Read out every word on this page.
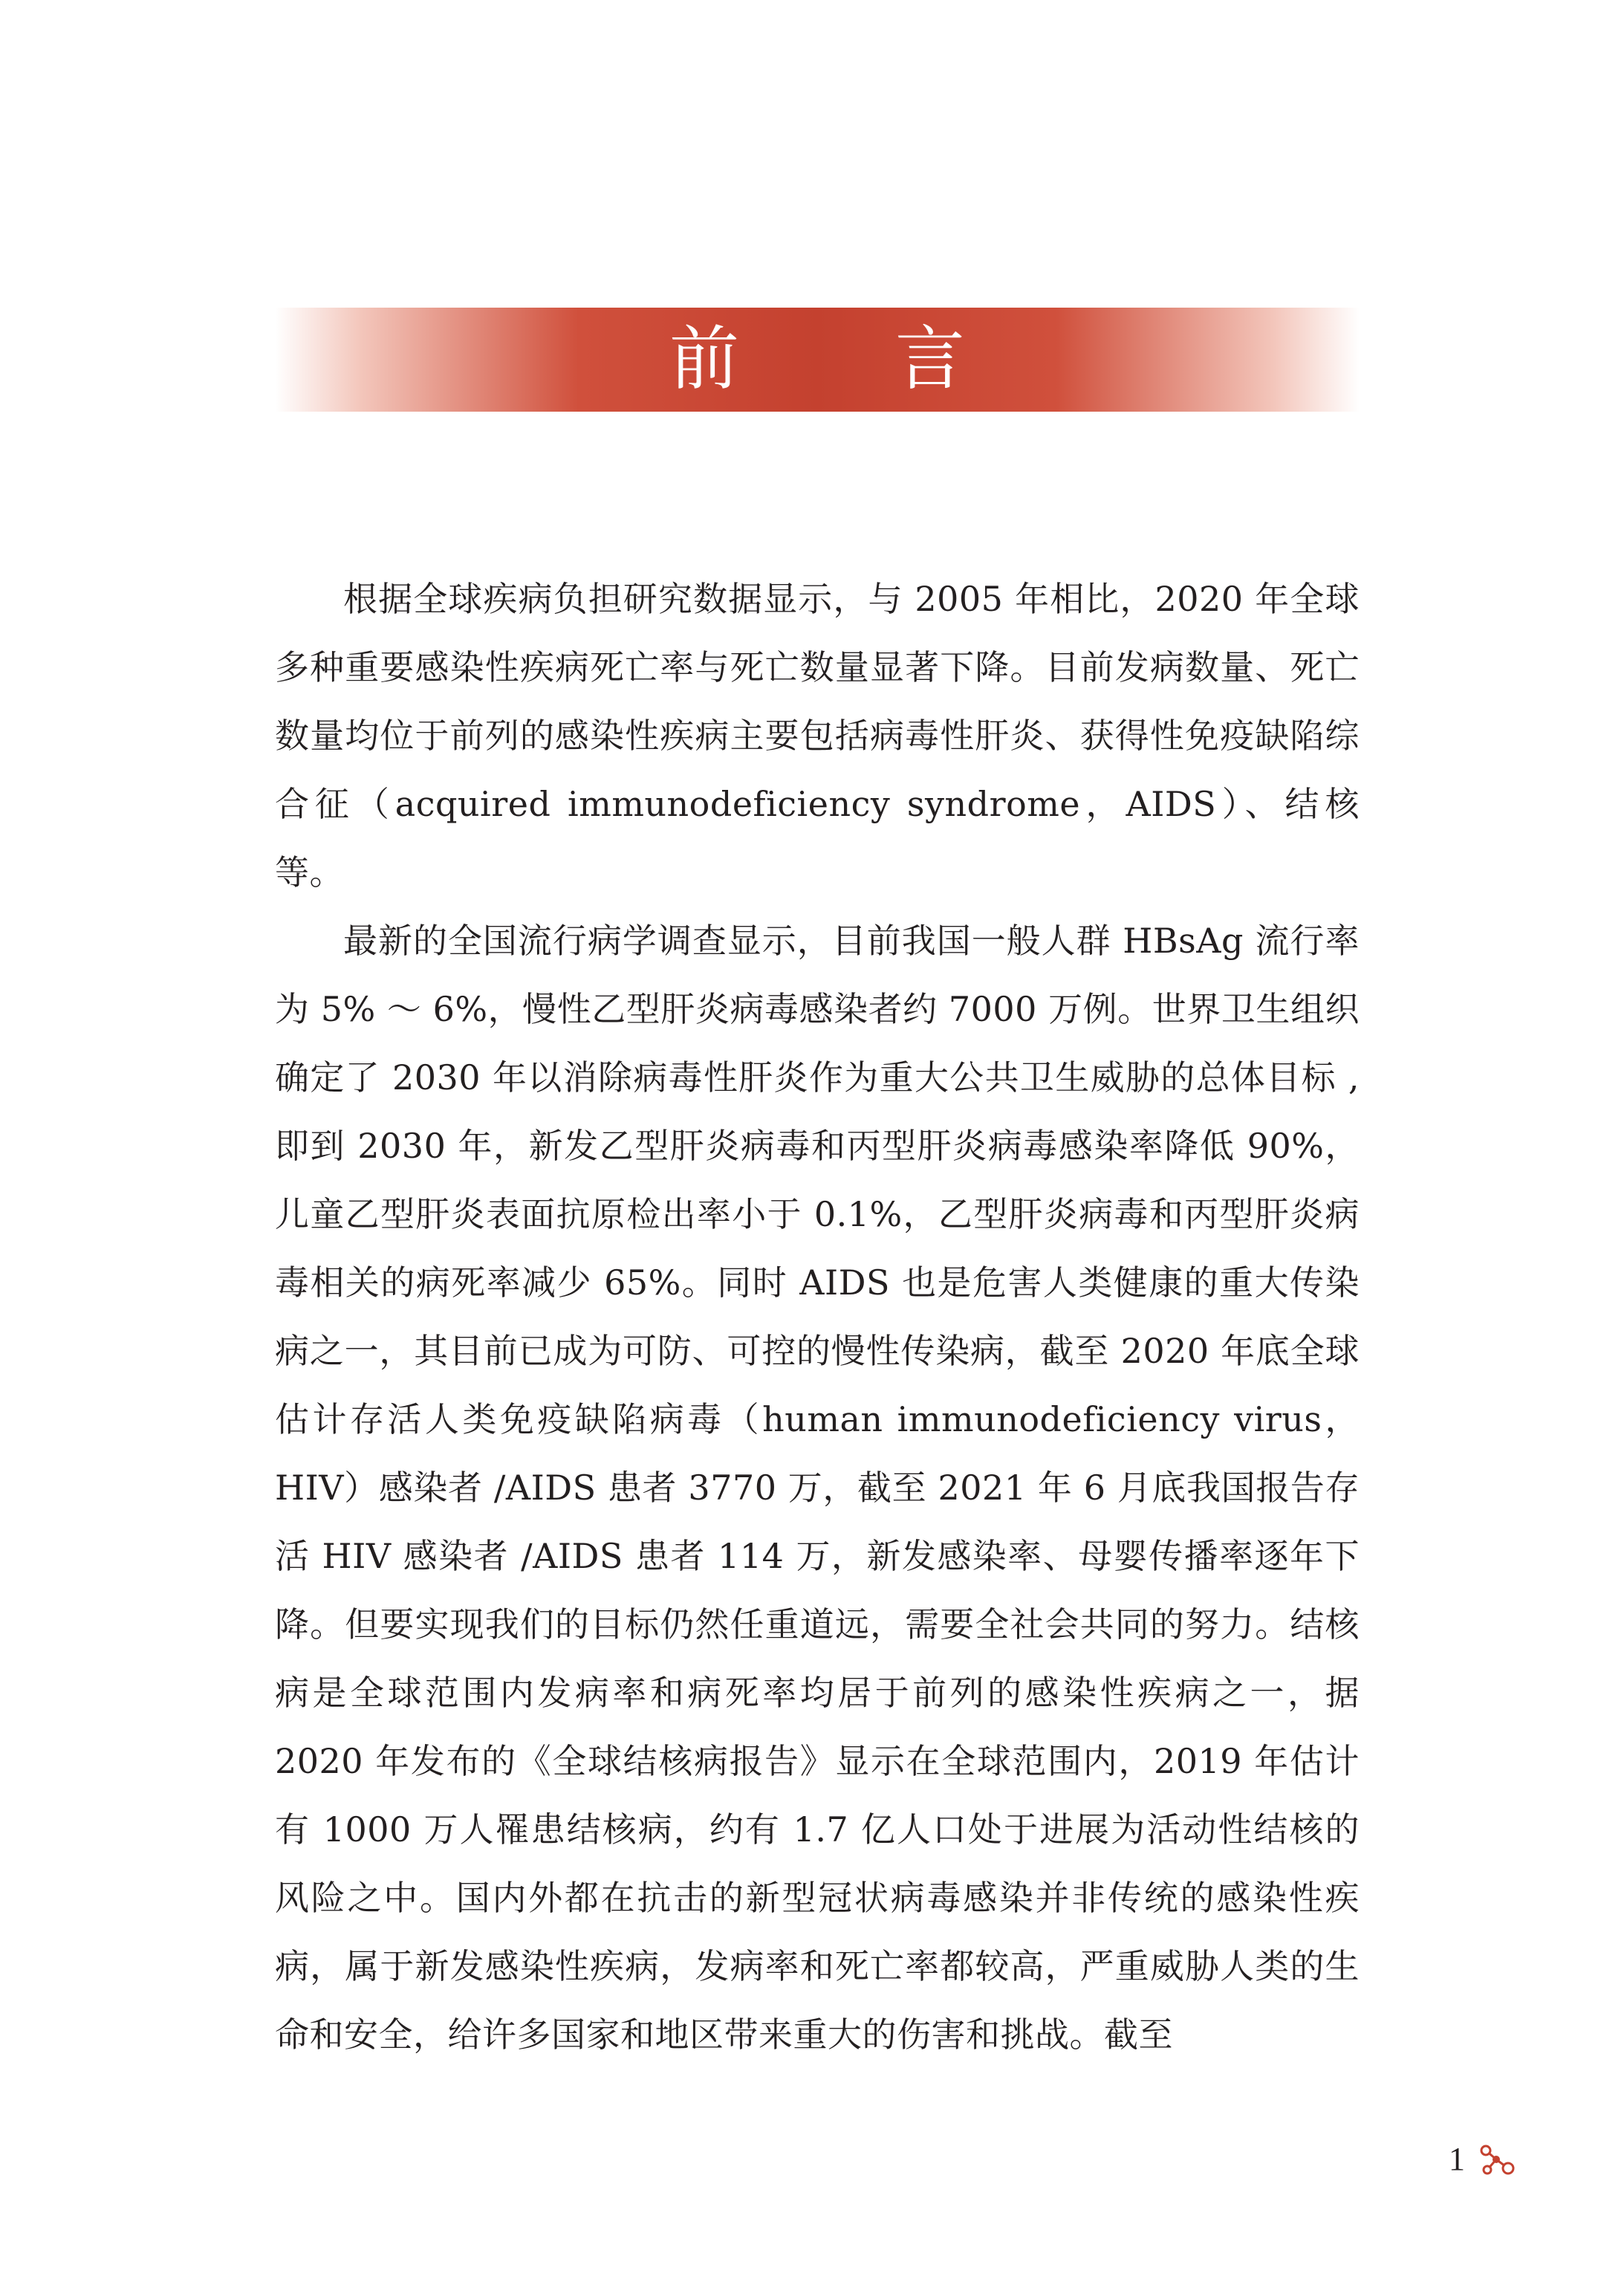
前 言

根据全球疾病负担研究数据显示，与 2005 年相比，2020 年全球多种重要感染性疾病死亡率与死亡数量显著下降。目前发病数量、死亡数量均位于前列的感染性疾病主要包括病毒性肝炎、获得性免疫缺陷综合征（acquired immunodeficiency syndrome，AIDS）、结核等。

最新的全国流行病学调查显示，目前我国一般人群 HBsAg 流行率为 5% ～ 6%，慢性乙型肝炎病毒感染者约 7000 万例。世界卫生组织确定了 2030 年以消除病毒性肝炎作为重大公共卫生威胁的总体目标 , 即到 2030 年，新发乙型肝炎病毒和丙型肝炎病毒感染率降低 90%，儿童乙型肝炎表面抗原检出率小于 0.1%，乙型肝炎病毒和丙型肝炎病毒相关的病死率减少 65%。同时 AIDS 也是危害人类健康的重大传染病之一，其目前已成为可防、可控的慢性传染病，截至 2020 年底全球估计存活人类免疫缺陷病毒（human immunodeficiency virus，HIV）感染者 /AIDS 患者 3770 万，截至 2021 年 6 月底我国报告存活 HIV 感染者 /AIDS 患者 114 万，新发感染率、母婴传播率逐年下降。但要实现我们的目标仍然任重道远，需要全社会共同的努力。结核病是全球范围内发病率和病死率均居于前列的感染性疾病之一，据 2020 年发布的《全球结核病报告》显示在全球范围内，2019 年估计有 1000 万人罹患结核病，约有 1.7 亿人口处于进展为活动性结核的风险之中。国内外都在抗击的新型冠状病毒感染并非传统的感染性疾病，属于新发感染性疾病，发病率和死亡率都较高，严重威胁人类的生命和安全，给许多国家和地区带来重大的伤害和挑战。截至

1
